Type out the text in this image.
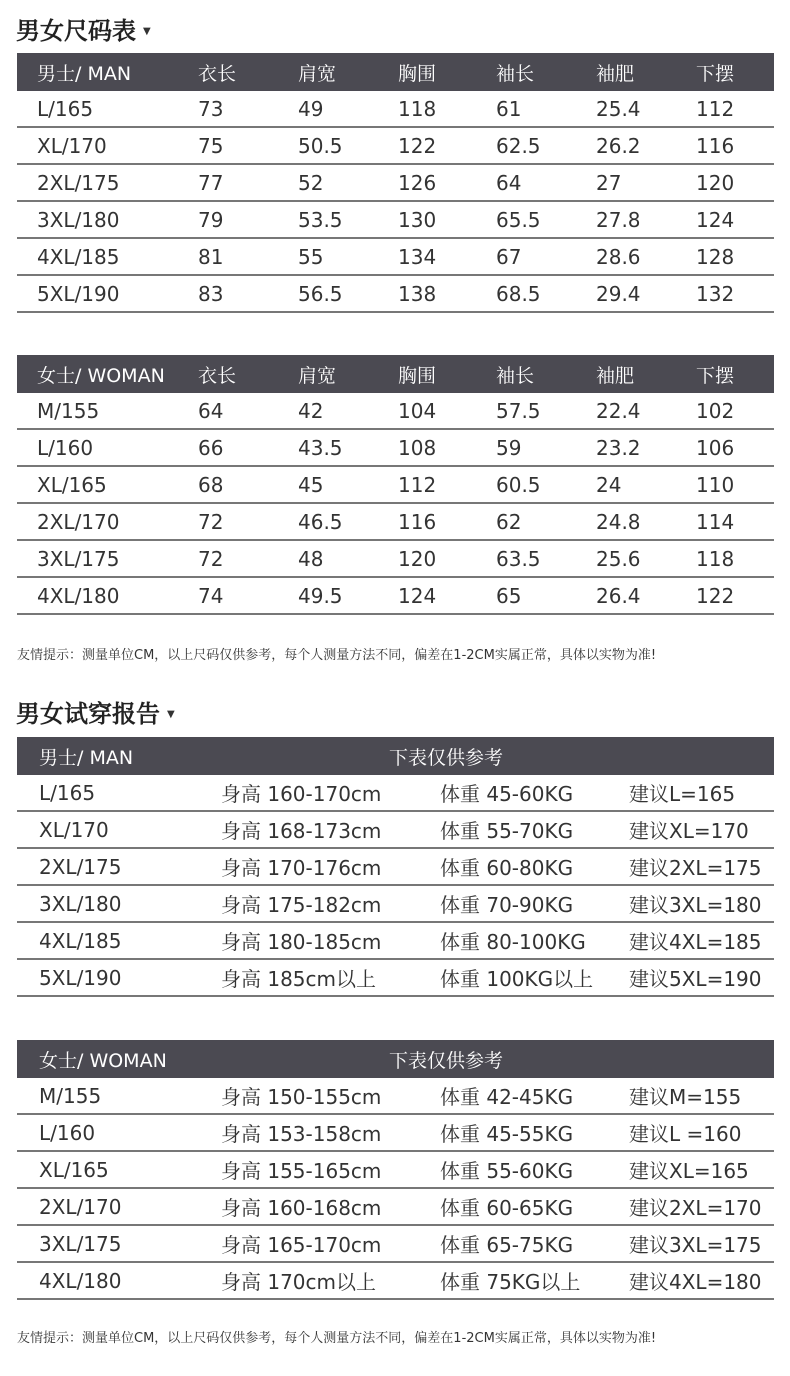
男女尺码表 ▼
男士/ MAN	衣长	肩宽	胸围	袖长	袖肥	下摆
L/165	73	49	118	61	25.4	112
XL/170	75	50.5	122	62.5	26.2	116
2XL/175	77	52	126	64	27	120
3XL/180	79	53.5	130	65.5	27.8	124
4XL/185	81	55	134	67	28.6	128
5XL/190	83	56.5	138	68.5	29.4	132
女士/ WOMAN	衣长	肩宽	胸围	袖长	袖肥	下摆
M/155	64	42	104	57.5	22.4	102
L/160	66	43.5	108	59	23.2	106
XL/165	68	45	112	60.5	24	110
2XL/170	72	46.5	116	62	24.8	114
3XL/175	72	48	120	63.5	25.6	118
4XL/180	74	49.5	124	65	26.4	122
友情提示：测量单位CM，以上尺码仅供参考，每个人测量方法不同，偏差在1-2CM实属正常，具体以实物为准!
男女试穿报告 ▼
男士/ MAN	下表仅供参考
L/165	身高 160-170cm	体重 45-60KG	建议L=165
XL/170	身高 168-173cm	体重 55-70KG	建议XL=170
2XL/175	身高 170-176cm	体重 60-80KG	建议2XL=175
3XL/180	身高 175-182cm	体重 70-90KG	建议3XL=180
4XL/185	身高 180-185cm	体重 80-100KG	建议4XL=185
5XL/190	身高 185cm以上	体重 100KG以上	建议5XL=190
女士/ WOMAN	下表仅供参考
M/155	身高 150-155cm	体重 42-45KG	建议M=155
L/160	身高 153-158cm	体重 45-55KG	建议L =160
XL/165	身高 155-165cm	体重 55-60KG	建议XL=165
2XL/170	身高 160-168cm	体重 60-65KG	建议2XL=170
3XL/175	身高 165-170cm	体重 65-75KG	建议3XL=175
4XL/180	身高 170cm以上	体重 75KG以上	建议4XL=180
友情提示：测量单位CM，以上尺码仅供参考，每个人测量方法不同，偏差在1-2CM实属正常，具体以实物为准!
